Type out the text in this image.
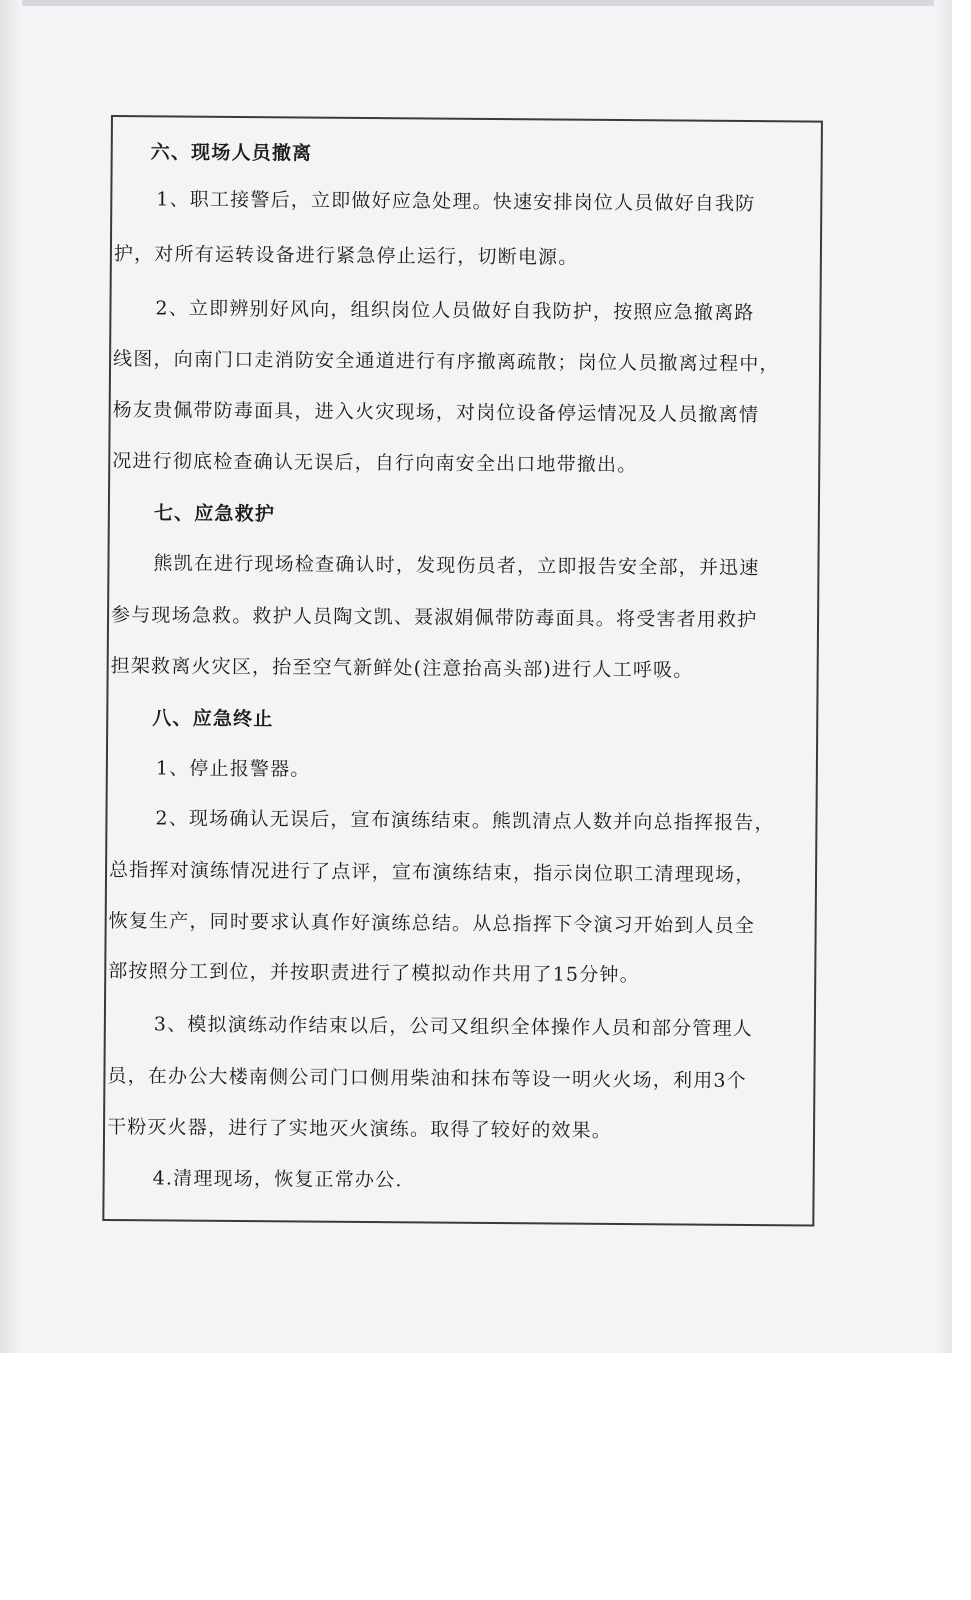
六、现场人员撤离
1、职工接警后，立即做好应急处理。快速安排岗位人员做好自我防
护，对所有运转设备进行紧急停止运行，切断电源。
2、立即辨别好风向，组织岗位人员做好自我防护，按照应急撤离路
线图，向南门口走消防安全通道进行有序撤离疏散；岗位人员撤离过程中，
杨友贵佩带防毒面具，进入火灾现场，对岗位设备停运情况及人员撤离情
况进行彻底检查确认无误后，自行向南安全出口地带撤出。
七、应急救护
熊凯在进行现场检查确认时，发现伤员者，立即报告安全部，并迅速
参与现场急救。救护人员陶文凯、聂淑娟佩带防毒面具。将受害者用救护
担架救离火灾区，抬至空气新鲜处(注意抬高头部)进行人工呼吸。
八、应急终止
1、停止报警器。
2、现场确认无误后，宣布演练结束。熊凯清点人数并向总指挥报告，
总指挥对演练情况进行了点评，宣布演练结束，指示岗位职工清理现场，
恢复生产，同时要求认真作好演练总结。从总指挥下令演习开始到人员全
部按照分工到位，并按职责进行了模拟动作共用了15分钟。
3、模拟演练动作结束以后，公司又组织全体操作人员和部分管理人
员，在办公大楼南侧公司门口侧用柴油和抹布等设一明火火场，利用3个
干粉灭火器，进行了实地灭火演练。取得了较好的效果。
4.清理现场，恢复正常办公.
